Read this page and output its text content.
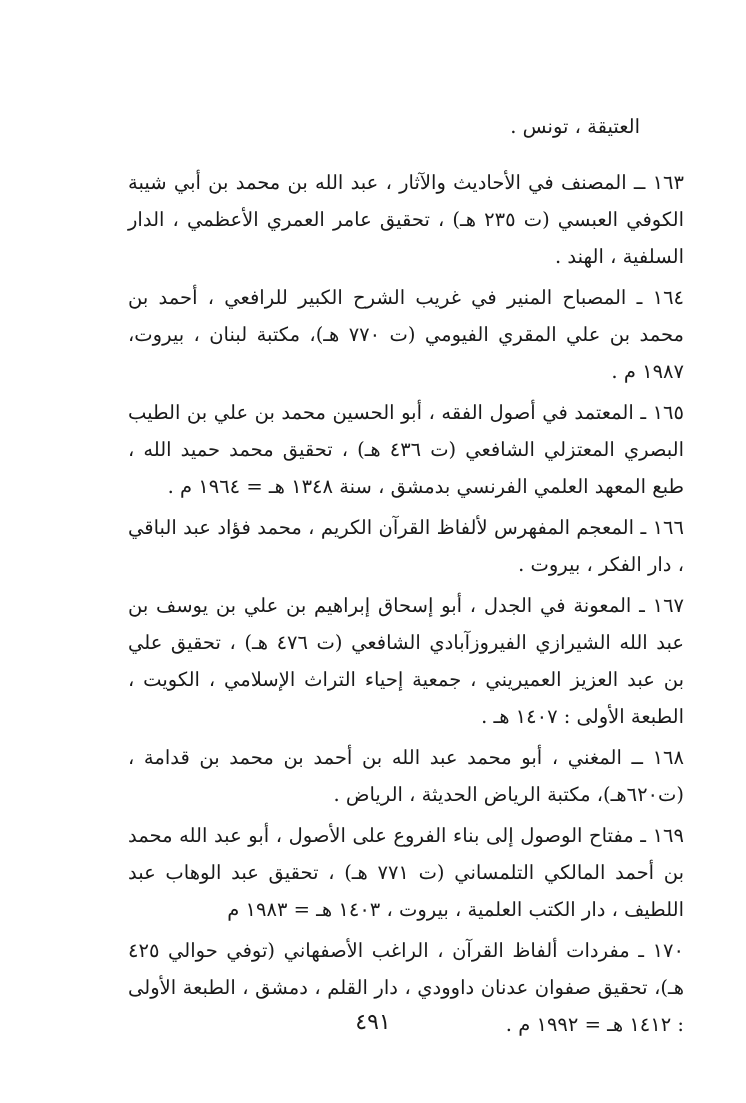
العتيقة ، تونس .

١٦٣ ــ المصنف في الأحاديث والآثار ، عبد الله بن محمد بن أبي شيبة الكوفي العبسي (ت ٢٣٥ هـ) ، تحقيق عامر العمري الأعظمي ، الدار السلفية ، الهند .

١٦٤ ـ المصباح المنير في غريب الشرح الكبير للرافعي ، أحمد بن محمد بن علي المقري الفيومي (ت ٧٧٠ هـ)، مكتبة لبنان ، بيروت، ١٩٨٧ م .

١٦٥ ـ المعتمد في أصول الفقه ، أبو الحسين محمد بن علي بن الطيب البصري المعتزلي الشافعي (ت ٤٣٦ هـ) ، تحقيق محمد حميد الله ، طبع المعهد العلمي الفرنسي بدمشق ، سنة ١٣٤٨ هـ = ١٩٦٤ م .

١٦٦ ـ المعجم المفهرس لألفاظ القرآن الكريم ، محمد فؤاد عبد الباقي ، دار الفكر ، بيروت .

١٦٧ ـ المعونة في الجدل ، أبو إسحاق إبراهيم بن علي بن يوسف بن عبد الله الشيرازي الفيروزآبادي الشافعي (ت ٤٧٦ هـ) ، تحقيق علي بن عبد العزيز العميريني ، جمعية إحياء التراث الإسلامي ، الكويت ، الطبعة الأولى : ١٤٠٧ هـ .

١٦٨ ــ المغني ، أبو محمد عبد الله بن أحمد بن محمد بن قدامة ، (ت٦٢٠هـ)، مكتبة الرياض الحديثة ، الرياض .

١٦٩ ـ مفتاح الوصول إلى بناء الفروع على الأصول ، أبو عبد الله محمد بن أحمد المالكي التلمساني (ت ٧٧١ هـ) ، تحقيق عبد الوهاب عبد اللطيف ، دار الكتب العلمية ، بيروت ، ١٤٠٣ هـ = ١٩٨٣ م

١٧٠ ـ مفردات ألفاظ القرآن ، الراغب الأصفهاني (توفي حوالي ٤٢٥ هـ)، تحقيق صفوان عدنان داوودي ، دار القلم ، دمشق ، الطبعة الأولى : ١٤١٢ هـ = ١٩٩٢ م .

٤٩١
